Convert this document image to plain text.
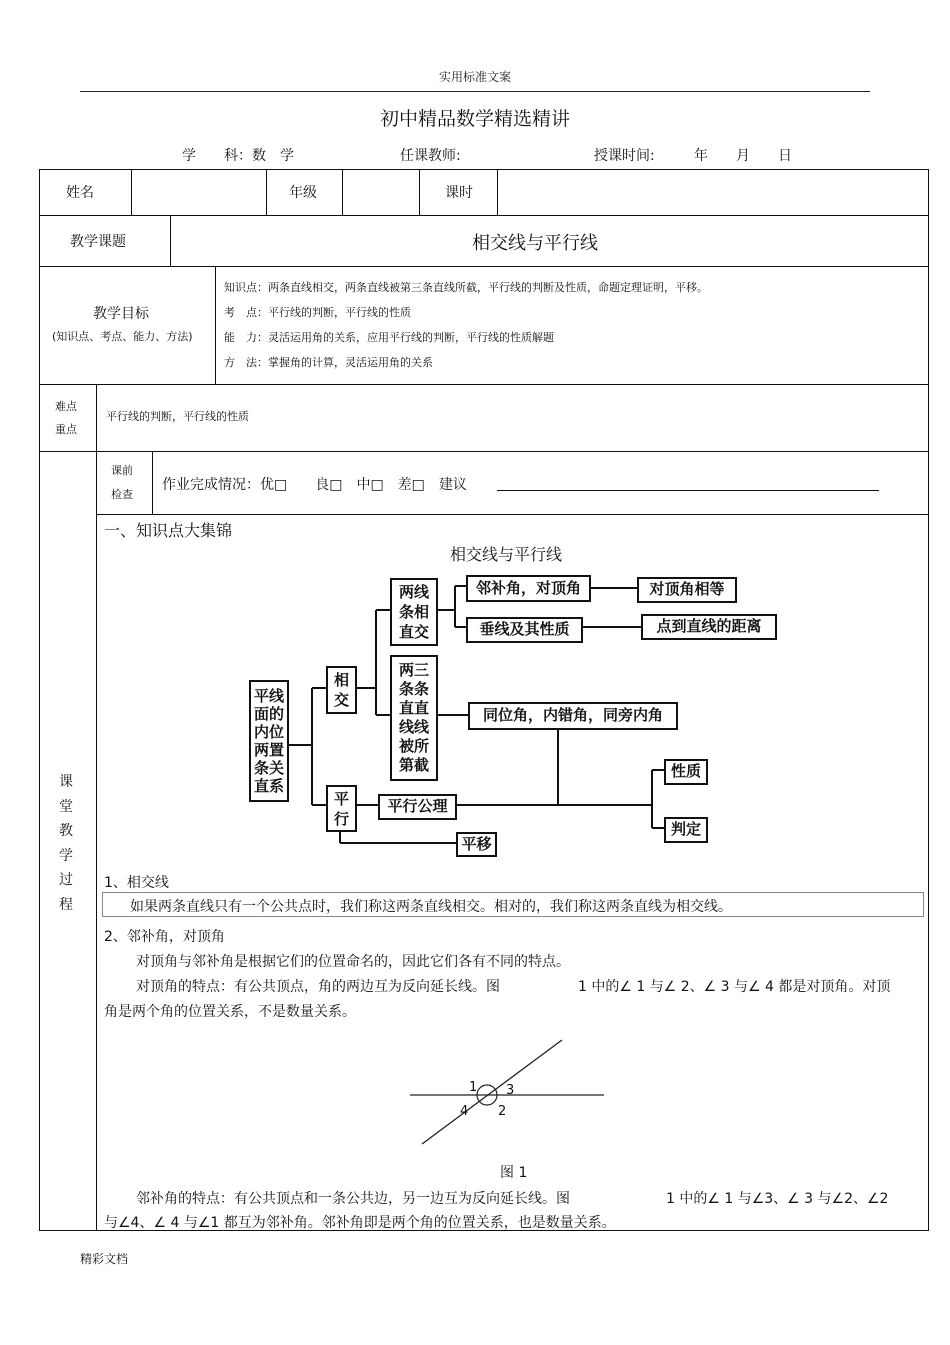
实用标准文案
初中精品数学精选精讲
学　　科：数　学	任课教师:	授课时间:	年　　月　　日
姓名	年级	课时
教学课题	相交线与平行线
教学目标
(知识点、考点、能力、方法)
知识点：两条直线相交，两条直线被第三条直线所截，平行线的判断及性质，命题定理证明，平移。
考　点：平行线的判断，平行线的性质
能　力：灵活运用角的关系，应用平行线的判断，平行线的性质解题
方　法：掌握角的计算，灵活运用角的关系
难点
重点
平行线的判断，平行线的性质
课
堂
教
学
过
程
课前
检查
作业完成情况：优□　　良□　中□　差□　建议
一、知识点大集锦
相交线与平行线
平线面的内位两置条关直系
相交
平行
两线条相直交
两三条条直直线线被所第截
邻补角，对顶角	对顶角相等
垂线及其性质	点到直线的距离
同位角，内错角，同旁内角
性质
判定
平行公理
平移
1、相交线
如果两条直线只有一个公共点时，我们称这两条直线相交。相对的，我们称这两条直线为相交线。
2、邻补角，对顶角
对顶角与邻补角是根据它们的位置命名的，因此它们各有不同的特点。
对顶角的特点：有公共顶点，角的两边互为反向延长线。图	1 中的∠ 1 与∠ 2、∠ 3 与∠ 4 都是对顶角。对顶
角是两个角的位置关系，不是数量关系。
1 3
4 2
图 1
邻补角的特点：有公共顶点和一条公共边，另一边互为反向延长线。图	1 中的∠ 1 与∠3、∠ 3 与∠2、∠2
与∠4、∠ 4 与∠1 都互为邻补角。邻补角即是两个角的位置关系，也是数量关系。
精彩文档
